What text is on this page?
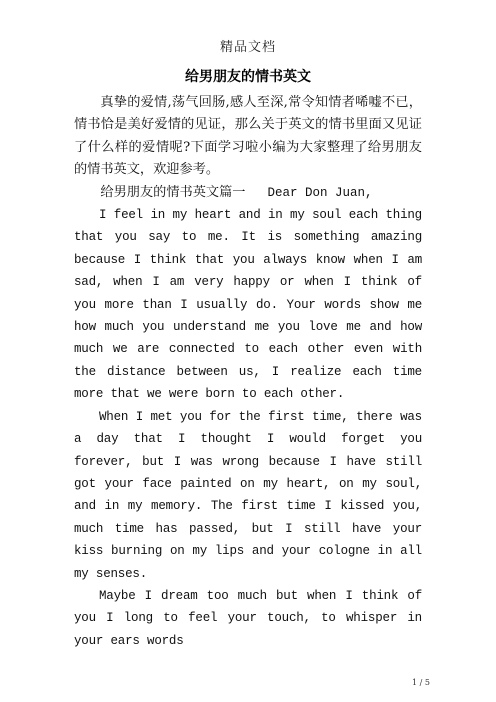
精品文档
给男朋友的情书英文

真挚的爱情,荡气回肠,感人至深,常令知情者唏嘘不已，情书恰是美好爱情的见证，那么关于英文的情书里面又见证了什么样的爱情呢?下面学习啦小编为大家整理了给男朋友的情书英文，欢迎参考。

给男朋友的情书英文篇一 Dear Don Juan,

I feel in my heart and in my soul each thing that you say to me. It is something amazing because I think that you always know when I am sad, when I am very happy or when I think of you more than I usually do. Your words show me how much you understand me you love me and how much we are connected to each other even with the distance between us, I realize each time more that we were born to each other.

When I met you for the first time, there was a day that I thought I would forget you forever, but I was wrong because I have still got your face painted on my heart, on my soul, and in my memory. The first time I kissed you, much time has passed, but I still have your kiss burning on my lips and your cologne in all my senses.

Maybe I dream too much but when I think of you I long to feel your touch, to whisper in your ears words

1 / 5
